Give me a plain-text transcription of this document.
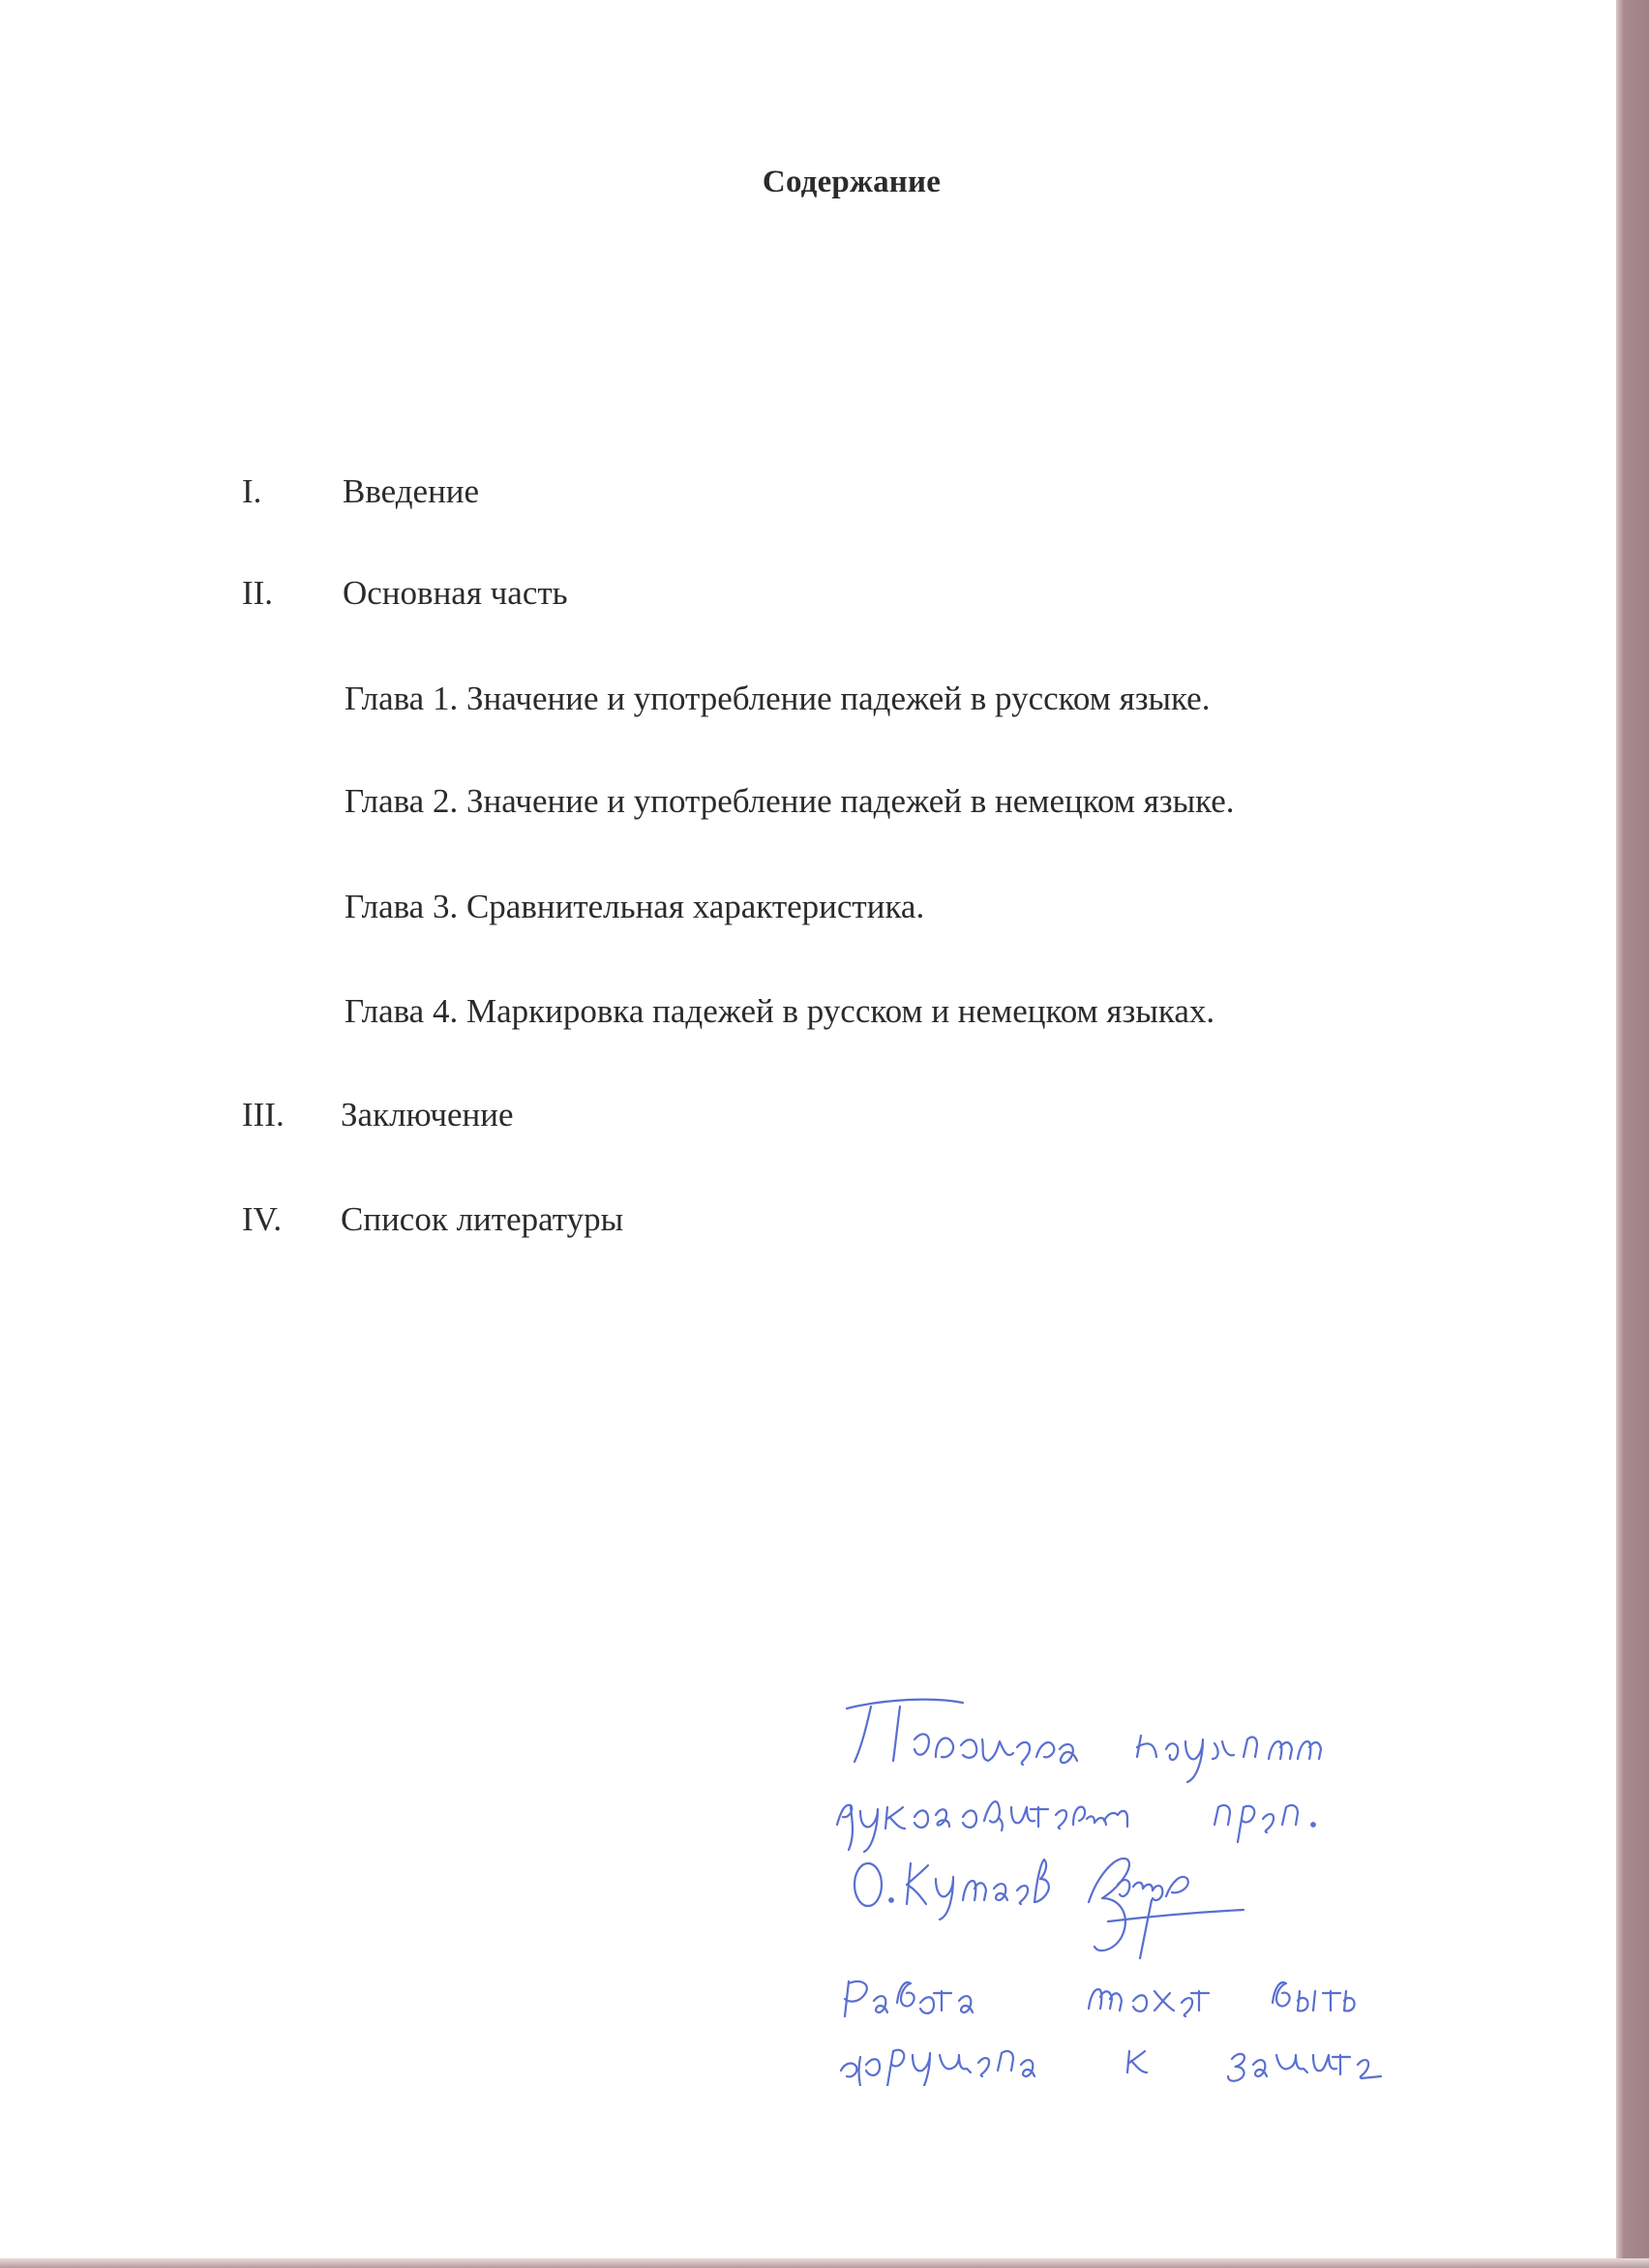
Содержание
I. Введение
II. Основная часть
Глава 1. Значение и употребление падежей в русском языке.
Глава 2. Значение и употребление падежей в немецком языке.
Глава 3. Сравнительная характеристика.
Глава 4. Маркировка падежей в русском и немецком языках.
III. Заключение
IV. Список литературы
